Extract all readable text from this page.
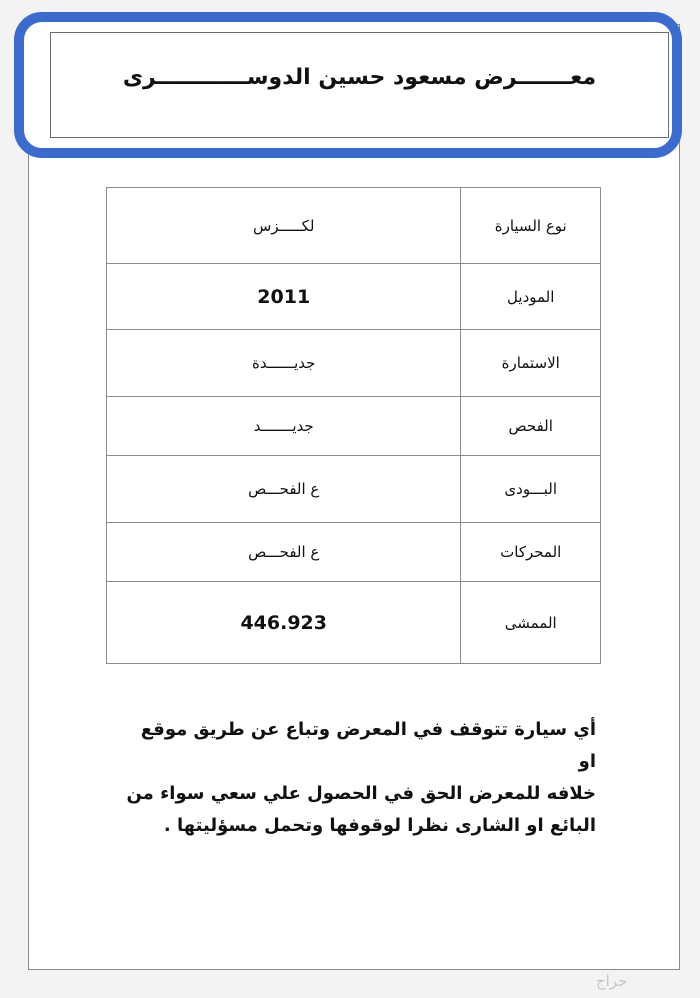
معـــــــرض مسعود حسين الدوســــــــــــرى
نوع السيارة	لكـــــزس
الموديل	2011
الاستمارة	جديــــــدة
الفحص	جديـــــــد
البـــودى	ع الفحـــص
المحركات	ع الفحـــص
الممشى	446.923
أي سيارة تتوقف في المعرض وتباع عن طريق موقع او
خلافه للمعرض الحق في الحصول علي سعي سواء من
البائع او الشارى نظرا لوقوفها وتحمل مسؤليتها .
حراج
